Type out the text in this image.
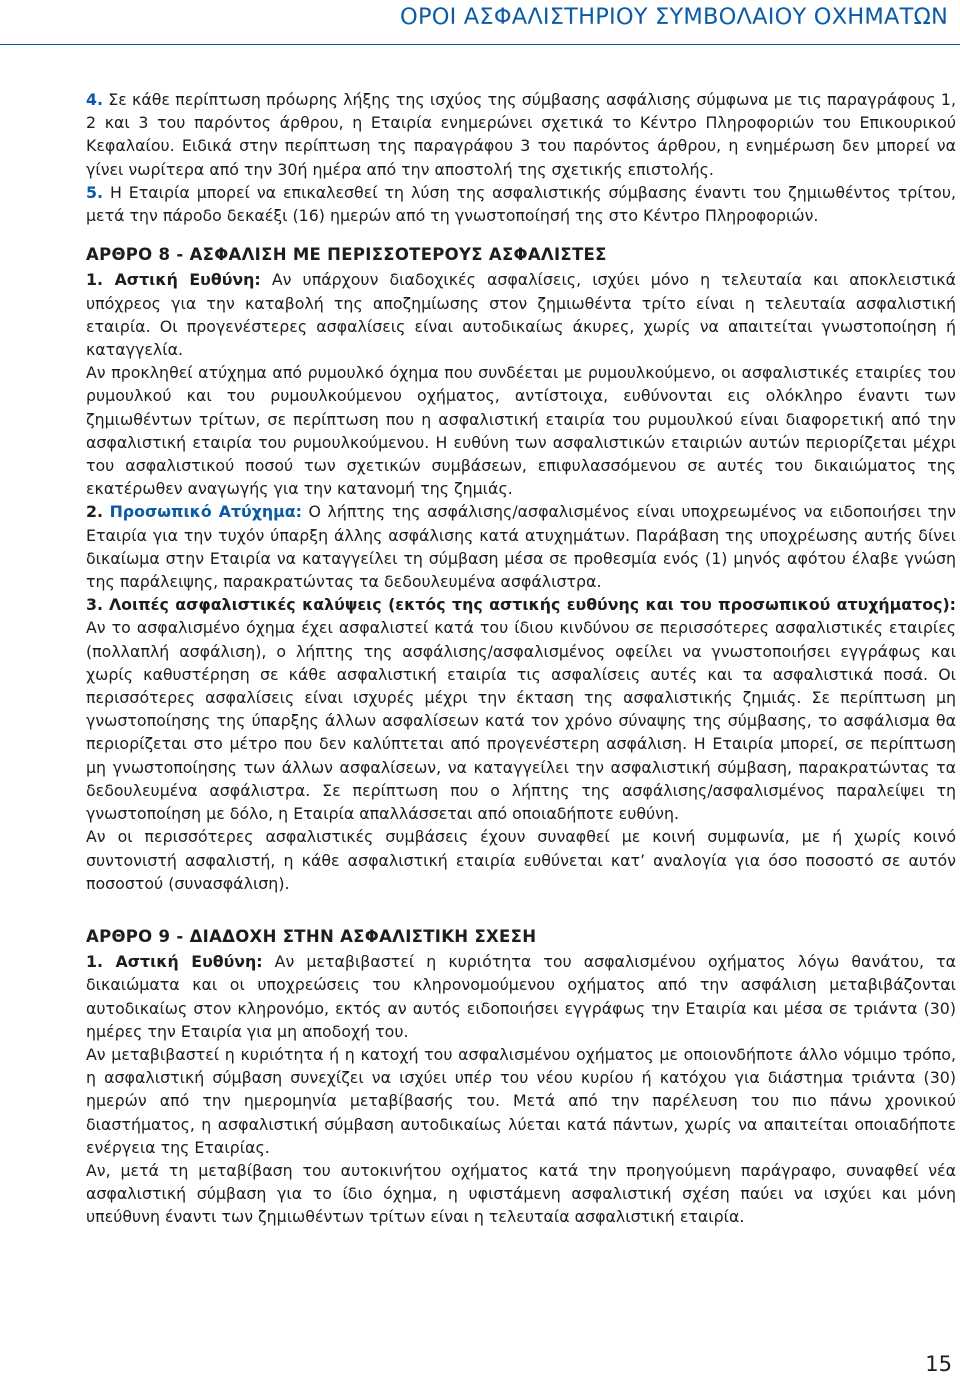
ΟΡΟΙ ΑΣΦΑΛΙΣΤΗΡΙΟΥ ΣΥΜΒΟΛΑΙΟΥ ΟΧΗΜΑΤΩΝ

4. Σε κάθε περίπτωση πρόωρης λήξης της ισχύος της σύμβασης ασφάλισης σύμφωνα με τις παραγράφους 1, 2 και 3 του παρόντος άρθρου, η Εταιρία ενημερώνει σχετικά το Κέντρο Πληροφοριών του Επικουρικού Κεφαλαίου. Ειδικά στην περίπτωση της παραγράφου 3 του παρόντος άρθρου, η ενημέρωση δεν μπορεί να γίνει νωρίτερα από την 30ή ημέρα από την αποστολή της σχετικής επιστολής.

5. Η Εταιρία μπορεί να επικαλεσθεί τη λύση της ασφαλιστικής σύμβασης έναντι του ζημιωθέντος τρίτου, μετά την πάροδο δεκαέξι (16) ημερών από τη γνωστοποίησή της στο Κέντρο Πληροφοριών.

ΑΡΘΡΟ 8 - ΑΣΦΑΛΙΣΗ ΜΕ ΠΕΡΙΣΣΟΤΕΡΟΥΣ ΑΣΦΑΛΙΣΤΕΣ

1. Αστική Ευθύνη: Αν υπάρχουν διαδοχικές ασφαλίσεις, ισχύει μόνο η τελευταία και αποκλειστικά υπόχρεος για την καταβολή της αποζημίωσης στον ζημιωθέντα τρίτο είναι η τελευταία ασφαλιστική εταιρία. Οι προγενέστερες ασφαλίσεις είναι αυτοδικαίως άκυρες, χωρίς να απαιτείται γνωστοποίηση ή καταγγελία.

Αν προκληθεί ατύχημα από ρυμουλκό όχημα που συνδέεται με ρυμουλκούμενο, οι ασφαλιστικές εταιρίες του ρυμουλκού και του ρυμουλκούμενου οχήματος, αντίστοιχα, ευθύνονται εις ολόκληρο έναντι των ζημιωθέντων τρίτων, σε περίπτωση που η ασφαλιστική εταιρία του ρυμουλκού είναι διαφορετική από την ασφαλιστική εταιρία του ρυμουλκούμενου. Η ευθύνη των ασφαλιστικών εταιριών αυτών περιορίζεται μέχρι του ασφαλιστικού ποσού των σχετικών συμβάσεων, επιφυλασσόμενου σε αυτές του δικαιώματος της εκατέρωθεν αναγωγής για την κατανομή της ζημιάς.

2. Προσωπικό Ατύχημα: Ο λήπτης της ασφάλισης/ασφαλισμένος είναι υποχρεωμένος να ειδοποιήσει την Εταιρία για την τυχόν ύπαρξη άλλης ασφάλισης κατά ατυχημάτων. Παράβαση της υποχρέωσης αυτής δίνει δικαίωμα στην Εταιρία να καταγγείλει τη σύμβαση μέσα σε προθεσμία ενός (1) μηνός αφότου έλαβε γνώση της παράλειψης, παρακρατώντας τα δεδουλευμένα ασφάλιστρα.

3. Λοιπές ασφαλιστικές καλύψεις (εκτός της αστικής ευθύνης και του προσωπικού ατυχήματος): Αν το ασφαλισμένο όχημα έχει ασφαλιστεί κατά του ίδιου κινδύνου σε περισσότερες ασφαλιστικές εταιρίες (πολλαπλή ασφάλιση), ο λήπτης της ασφάλισης/ασφαλισμένος οφείλει να γνωστοποιήσει εγγράφως και χωρίς καθυστέρηση σε κάθε ασφαλιστική εταιρία τις ασφαλίσεις αυτές και τα ασφαλιστικά ποσά. Οι περισσότερες ασφαλίσεις είναι ισχυρές μέχρι την έκταση της ασφαλιστικής ζημιάς. Σε περίπτωση μη γνωστοποίησης της ύπαρξης άλλων ασφαλίσεων κατά τον χρόνο σύναψης της σύμβασης, το ασφάλισμα θα περιορίζεται στο μέτρο που δεν καλύπτεται από προγενέστερη ασφάλιση. Η Εταιρία μπορεί, σε περίπτωση μη γνωστοποίησης των άλλων ασφαλίσεων, να καταγγείλει την ασφαλιστική σύμβαση, παρακρατώντας τα δεδουλευμένα ασφάλιστρα. Σε περίπτωση που ο λήπτης της ασφάλισης/ασφαλισμένος παραλείψει τη γνωστοποίηση με δόλο, η Εταιρία απαλλάσσεται από οποιαδήποτε ευθύνη.

Αν οι περισσότερες ασφαλιστικές συμβάσεις έχουν συναφθεί με κοινή συμφωνία, με ή χωρίς κοινό συντονιστή ασφαλιστή, η κάθε ασφαλιστική εταιρία ευθύνεται κατ’ αναλογία για όσο ποσοστό σε αυτόν ποσοστού (συνασφάλιση).

ΑΡΘΡΟ 9 - ΔΙΑΔΟΧΗ ΣΤΗΝ ΑΣΦΑΛΙΣΤΙΚΗ ΣΧΕΣΗ

1. Αστική Ευθύνη: Αν μεταβιβαστεί η κυριότητα του ασφαλισμένου οχήματος λόγω θανάτου, τα δικαιώματα και οι υποχρεώσεις του κληρονομούμενου οχήματος από την ασφάλιση μεταβιβάζονται αυτοδικαίως στον κληρονόμο, εκτός αν αυτός ειδοποιήσει εγγράφως την Εταιρία και μέσα σε τριάντα (30) ημέρες την Εταιρία για μη αποδοχή του.

Αν μεταβιβαστεί η κυριότητα ή η κατοχή του ασφαλισμένου οχήματος με οποιονδήποτε άλλο νόμιμο τρόπο, η ασφαλιστική σύμβαση συνεχίζει να ισχύει υπέρ του νέου κυρίου ή κατόχου για διάστημα τριάντα (30) ημερών από την ημερομηνία μεταβίβασής του. Μετά από την παρέλευση του πιο πάνω χρονικού διαστήματος, η ασφαλιστική σύμβαση αυτοδικαίως λύεται κατά πάντων, χωρίς να απαιτείται οποιαδήποτε ενέργεια της Εταιρίας.

Αν, μετά τη μεταβίβαση του αυτοκινήτου οχήματος κατά την προηγούμενη παράγραφο, συναφθεί νέα ασφαλιστική σύμβαση για το ίδιο όχημα, η υφιστάμενη ασφαλιστική σχέση παύει να ισχύει και μόνη υπεύθυνη έναντι των ζημιωθέντων τρίτων είναι η τελευταία ασφαλιστική εταιρία.

15
